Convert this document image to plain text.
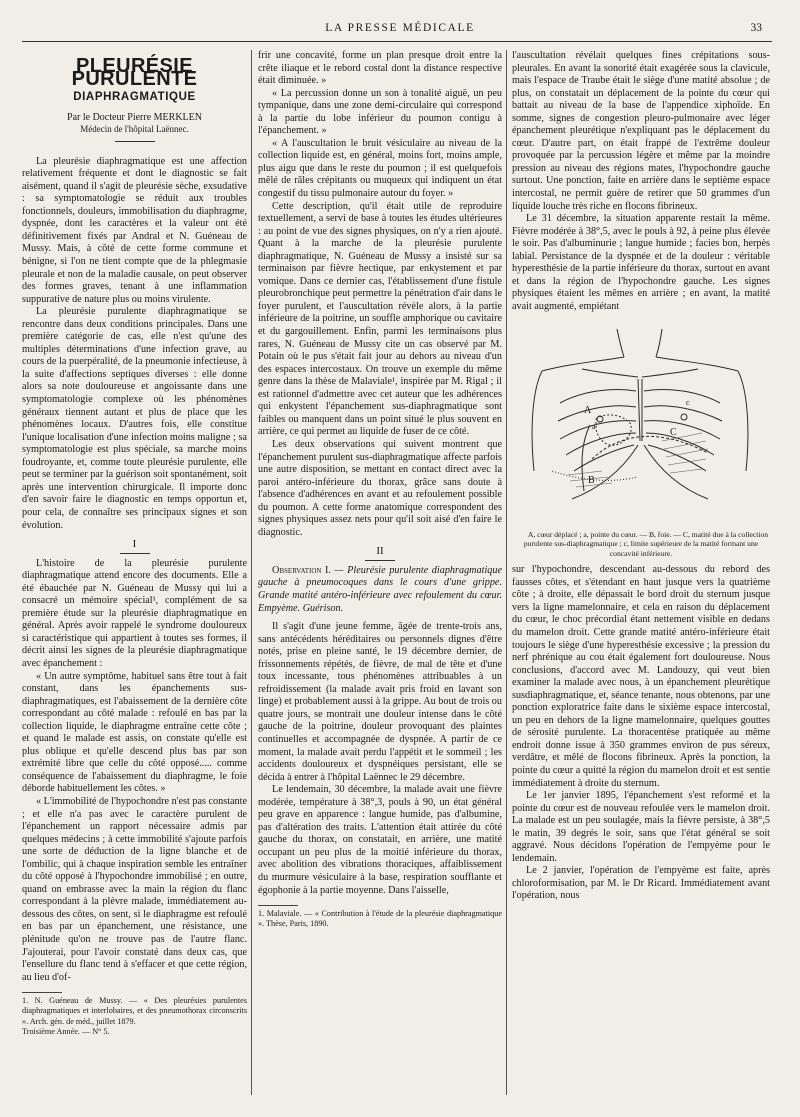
LA PRESSE MÉDICALE	33
PLEURÉSIE PURULENTE
DIAPHRAGMATIQUE
Par le Docteur Pierre MERKLEN
Médecin de l'hôpital Laënnec.

La pleurésie diaphragmatique est une affection relativement fréquente et dont le diagnostic se fait aisément, quand il s'agit de pleurésie sèche, exsudative : sa symptomatologie se réduit aux troubles fonctionnels, douleurs, immobilisation du diaphragme, dyspnée, dont les caractères et la valeur ont été définitivement fixés par Andral et N. Guéneau de Mussy. Mais, à côté de cette forme commune et bénigne, si l'on ne tient compte que de la phlegmasie pleurale et non de la maladie causale, on peut observer des formes graves, tenant à une inflammation suppurative de nature plus ou moins virulente.

La pleurésie purulente diaphragmatique se rencontre dans deux conditions principales. Dans une première catégorie de cas, elle n'est qu'une des multiples déterminations d'une infection grave, au cours de la puerpéralité, de la pneumonie infectieuse, à la suite d'affections septiques diverses : elle donne alors sa note douloureuse et angoissante dans une symptomatologie complexe où les phénomènes généraux tiennent autant et plus de place que les phénomènes locaux. D'autres fois, elle constitue l'unique localisation d'une infection moins maligne ; sa symptomatologie est plus spéciale, sa marche moins foudroyante, et, comme toute pleurésie purulente, elle peut se terminer par la guérison soit spontanément, soit après une intervention chirurgicale. Il importe donc d'en savoir faire le diagnostic en temps opportun et, pour cela, de connaître ses principaux signes et son évolution.

I

L'histoire de la pleurésie purulente diaphragmatique attend encore des documents. Elle a été ébauchée par N. Guéneau de Mussy qui lui a consacré un mémoire spécial¹, complément de sa première étude sur la pleurésie diaphragmatique en général. Après avoir rappelé le syndrome douloureux si caractéristique qui appartient à toutes ses formes, il décrit ainsi les signes de la pleurésie diaphragmatique avec épanchement :

« Un autre symptôme, habituel sans être tout à fait constant, dans les épanchements sus-diaphragmatiques, est l'abaissement de la dernière côte correspondant au côté malade : refoulé en bas par la collection liquide, le diaphragme entraîne cette côte ; et quand le malade est assis, on constate qu'elle est plus oblique et qu'elle descend plus bas par son extrémité libre que celle du côté opposé..... comme conséquence de l'abaissement du diaphragme, le foie déborde habituellement les côtes. »

« L'immobilité de l'hypochondre n'est pas constante ; et elle n'a pas avec le caractère purulent de l'épanchement un rapport nécessaire admis par quelques médecins ; à cette immobilité s'ajoute parfois une sorte de déduction de la ligne blanche et de l'ombilic, qui à chaque inspiration semble les entraîner du côté opposé à l'hypochondre immobilisé ; en outre, quand on embrasse avec la main la région du flanc correspondant à la plèvre malade, immédiatement au-dessous des côtes, on sent, si le diaphragme est refoulé en bas par un épanchement, une résistance, une plénitude qu'on ne trouve pas de l'autre flanc. J'ajouterai, pour l'avoir constaté dans deux cas, que l'ensellure du flanc tend à s'effacer et que cette région, au lieu d'of-

1. N. Guéneau de Mussy. — « Des pleurésies purulentes diaphragmatiques et interlobaires, et des pneumothorax circonscrits ». Arch. gén. de méd., juillet 1879.

Troisième Année. — N° 5.

frir une concavité, forme un plan presque droit entre la crête iliaque et le rebord costal dont la distance respective était diminuée. »

« La percussion donne un son à tonalité aiguë, un peu tympanique, dans une zone demi-circulaire qui correspond à la partie du lobe inférieur du poumon contigu à l'épanchement. »

« A l'auscultation le bruit vésiculaire au niveau de la collection liquide est, en général, moins fort, moins ample, plus aigu que dans le reste du poumon ; il est quelquefois mêlé de râles crépitants ou muqueux qui indiquent un état congestif du tissu pulmonaire autour du foyer. »

Cette description, qu'il était utile de reproduire textuellement, a servi de base à toutes les études ultérieures : au point de vue des signes physiques, on n'y a rien ajouté. Quant à la marche de la pleurésie purulente diaphragmatique, N. Guéneau de Mussy a insisté sur sa terminaison par fièvre hectique, par enkystement et par vomique. Dans ce dernier cas, l'établissement d'une fistule pleurobronchique peut permettre la pénétration d'air dans le foyer purulent, et l'auscultation révèle alors, à la partie inférieure de la poitrine, un souffle amphorique ou cavitaire et du gargouillement. Enfin, parmi les terminaisons plus rares, N. Guéneau de Mussy cite un cas observé par M. Potain où le pus s'était fait jour au dehors au niveau d'un des espaces intercostaux. On trouve un exemple du même genre dans la thèse de Malaviale¹, inspirée par M. Rigal ; il est rationnel d'admettre avec cet auteur que les adhérences qui enkystent l'épanchement sus-diaphragmatique sont faibles ou manquent dans un point situé le plus souvent en arrière, ce qui permet au liquide de fuser de ce côté.

Les deux observations qui suivent montrent que l'épanchement purulent sus-diaphragmatique affecte parfois une autre disposition, se mettant en contact direct avec la paroi antéro-inférieure du thorax, grâce sans doute à l'absence d'adhérences en avant et au refoulement possible du poumon. A cette forme anatomique correspondent des signes physiques assez nets pour qu'il soit aisé d'en faire le diagnostic.

II

Observation I. — Pleurésie purulente diaphragmatique gauche à pneumocoques dans le cours d'une grippe. Grande matité antéro-inférieure avec refoulement du cœur. Empyème. Guérison.

Il s'agit d'une jeune femme, âgée de trente-trois ans, sans antécédents héréditaires ou personnels dignes d'être notés, prise en pleine santé, le 19 décembre dernier, de frissonnements répétés, de fièvre, de mal de tête et d'une toux incessante, tous phénomènes attribuables à un refroidissement (la malade avait pris froid en lavant son linge) et probablement aussi à la grippe. Au bout de trois ou quatre jours, se montrait une douleur intense dans le côté gauche de la poitrine, douleur provoquant des plaintes continuelles et accompagnée de dyspnée. A partir de ce moment, la malade avait perdu l'appétit et le sommeil ; les accidents douloureux et dyspnéiques persistant, elle se décida à entrer à l'hôpital Laënnec le 29 décembre.

Le lendemain, 30 décembre, la malade avait une fièvre modérée, température à 38°,3, pouls à 90, un état général peu grave en apparence : langue humide, pas d'albumine, pas d'altération des traits. L'attention était attirée du côté gauche du thorax, on constatait, en arrière, une matité occupant un peu plus de la moitié inférieure du thorax, avec abolition des vibrations thoraciques, affaiblissement du murmure vésiculaire à la base, respiration soufflante et égophonie à la partie moyenne. Dans l'aisselle,

1. Malaviale. — « Contribution à l'étude de la pleurésie diaphragmatique ». Thèse, Paris, 1890.

l'auscultation révélait quelques fines crépitations sous-pleurales. En avant la sonorité était exagérée sous la clavicule, mais l'espace de Traube était le siège d'une matité absolue ; de plus, on constatait un déplacement de la pointe du cœur qui battait au niveau de la base de l'appendice xiphoïde. En somme, signes de congestion pleuro-pulmonaire avec léger épanchement pleurétique n'expliquant pas le déplacement du cœur. D'autre part, on était frappé de l'extrême douleur provoquée par la percussion légère et même par la moindre pression au niveau des régions mates, l'hypochondre gauche surtout. Une ponction, faite en arrière dans le septième espace intercostal, ne permit guère de retirer que 50 grammes d'un liquide louche très riche en flocons fibrineux.

Le 31 décembre, la situation apparente restait la même. Fièvre modérée à 38°,5, avec le pouls à 92, à peine plus élevée le soir. Pas d'albuminurie ; langue humide ; facies bon, herpès labial. Persistance de la dyspnée et de la douleur : véritable hyperesthésie de la partie inférieure du thorax, surtout en avant et dans la région de l'hypochondre gauche. Les signes physiques étaient les mêmes en arrière ; en avant, la matité avait augmenté, empiétant

A
a
B
C
c

A, cœur déplacé ; a, pointe du cœur. — B, foie. — C, matité due à la collection purulente sus-diaphragmatique ; c, limite supérieure de la matité formant une concavité inférieure.

sur l'hypochondre, descendant au-dessous du rebord des fausses côtes, et s'étendant en haut jusque vers la quatrième côte ; à droite, elle dépassait le bord droit du sternum jusque vers la ligne mamelonnaire, et cela en raison du déplacement du cœur, le choc précordial étant nettement visible en dedans du mamelon droit. Cette grande matité antéro-inférieure était toujours le siège d'une hyperesthésie excessive ; la pression du nerf phrénique au cou était également fort douloureuse. Nous conclusions, d'accord avec M. Landouzy, qui veut bien examiner la malade avec nous, à un épanchement pleurétique susdiaphragmatique, et, séance tenante, nous obtenons, par une ponction exploratrice faite dans le sixième espace intercostal, un peu en dehors de la ligne mamelonnaire, quelques gouttes de sérosité purulente. La thoracentèse pratiquée au même endroit donne issue à 350 grammes environ de pus séreux, verdâtre, et mêlé de flocons fibrineux. Après la ponction, la pointe du cœur a quitté la région du mamelon droit et est sentie immédiatement à droite du sternum.

Le 1er janvier 1895, l'épanchement s'est reformé et la pointe du cœur est de nouveau refoulée vers le mamelon droit. La malade est un peu soulagée, mais la fièvre persiste, à 38°,5 le matin, 39 degrés le soir, sans que l'état général se soit aggravé. Nous décidons l'opération de l'empyème pour le lendemain.

Le 2 janvier, l'opération de l'empyème est faite, après chloroformisation, par M. le Dr Ricard. Immédiatement avant l'opération, nous
